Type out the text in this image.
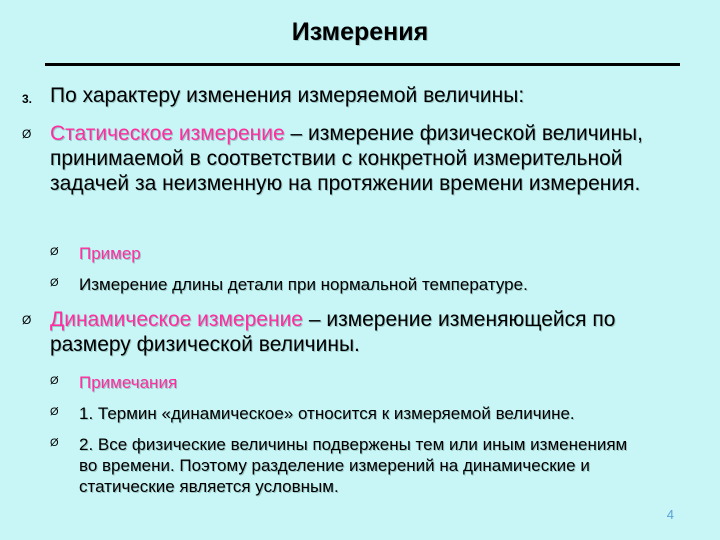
Измерения
3. По характеру изменения измеряемой величины:
Ø Статическое измерение – измерение физической величины, принимаемой в соответствии с конкретной измерительной задачей за неизменную на протяжении времени измерения.
Ø Пример
Ø Измерение длины детали при нормальной температуре.
Ø Динамическое измерение – измерение изменяющейся по размеру физической величины.
Ø Примечания
Ø 1. Термин «динамическое» относится к измеряемой величине.
Ø 2. Все физические величины подвержены тем или иным изменениям во времени. Поэтому разделение измерений на динамические и статические является условным.
4
